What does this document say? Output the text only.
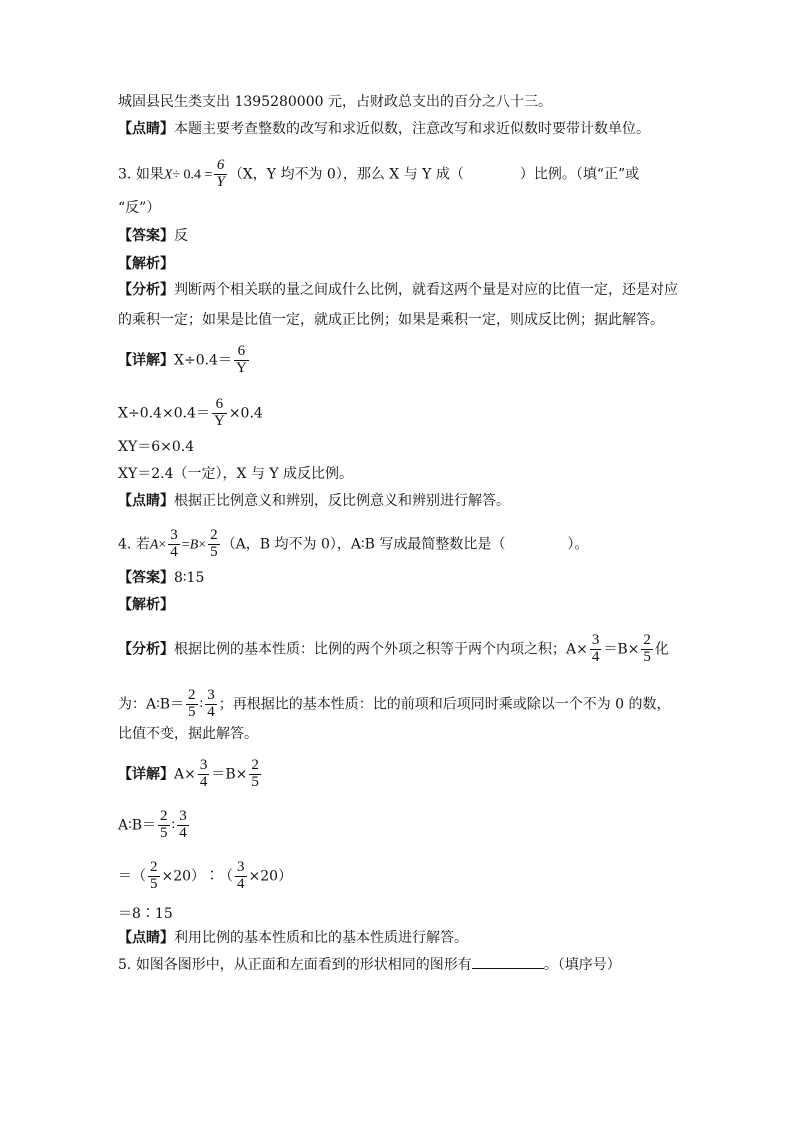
城固县民生类支出 1395280000 元，占财政总支出的百分之八十三。
【点睛】本题主要考查整数的改写和求近似数，注意改写和求近似数时要带计数单位。
3. 如果$X\div 0.4 = \frac{6}{Y} (X$，Y 均不为 0），那么 X 与 Y 成（	）比例。（填“正”或
“反”）
【答案】反
【解析】
【分析】判断两个相关联的量之间成什么比例，就看这两个量是对应的比值一定，还是对应
的乘积一定；如果是比值一定，就成正比例；如果是乘积一定，则成反比例；据此解答。
【详解】$X\div 0.4= \frac{6}{Y}$
$X\div 0.4\times 0.4= \frac{6}{Y} \times 0.4$
XY＝6×0.4
XY＝2.4（一定），X 与 Y 成反比例。
【点睛】根据正比例意义和辨别，反比例意义和辨别进行解答。
4. 若$A\times \frac{3}{4} =B\times \frac{2}{5} (A$，B 均不为 0），A∶B 写成最简整数比是（	）。
【答案】8∶15
【解析】
【分析】根据比例的基本性质：比例的两个外项之积等于两个内项之积；$A\times \frac{3}{4} =B\times \frac{2}{5}$ 化
为：A∶B＝ $\frac{2}{5}$ ∶ $\frac{3}{4}$ ；再根据比的基本性质：比的前项和后项同时乘或除以一个不为 0 的数，
比值不变，据此解答。
【详解】$A\times \frac{3}{4} =B\times \frac{2}{5}$
A∶B＝ $\frac{2}{5}$ ∶ $\frac{3}{4}$
＝（ $\frac{2}{5}$ ×20）∶（ $\frac{3}{4} \times 20$）
＝8∶15
【点睛】利用比例的基本性质和比的基本性质进行解答。
5. 如图各图形中，从正面和左面看到的形状相同的图形有	。（填序号）
